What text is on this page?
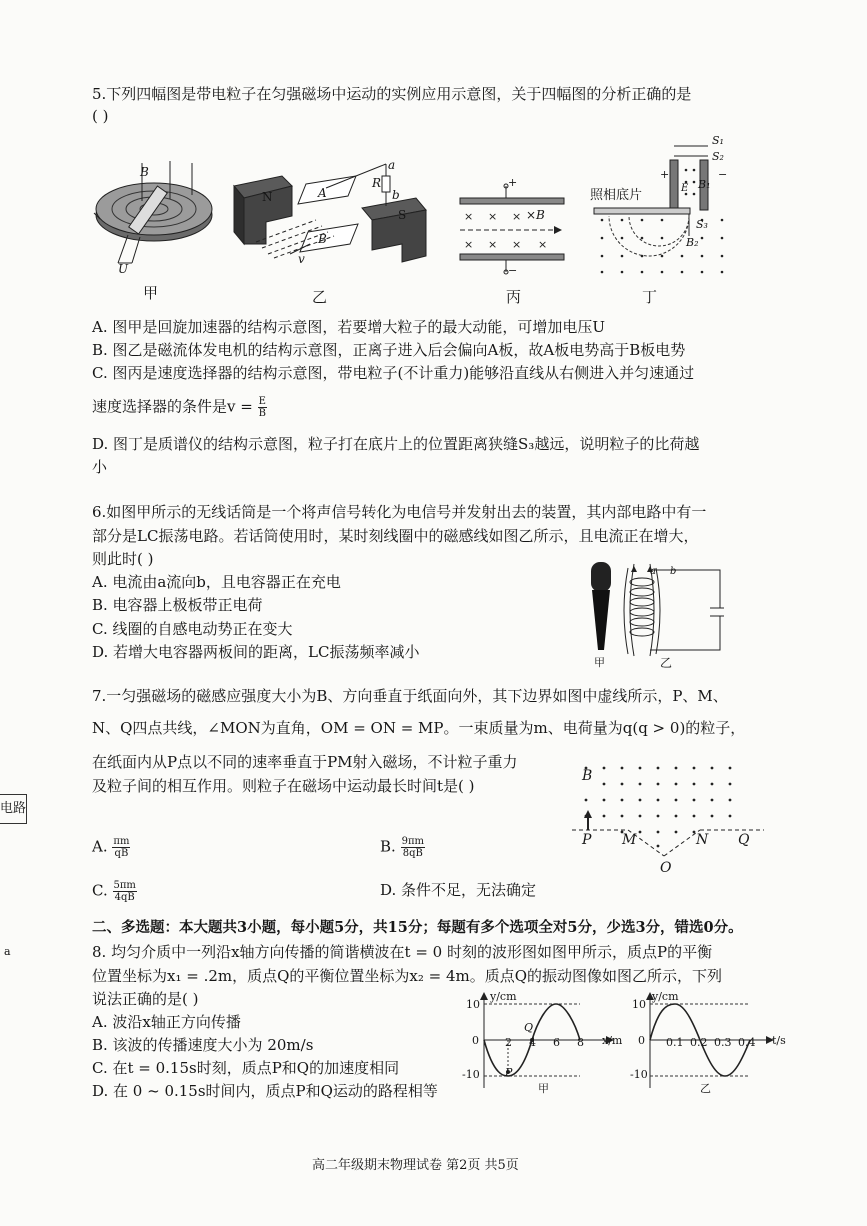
电路
a
5.下列四幅图是带电粒子在匀强磁场中运动的实例应用示意图，关于四幅图的分析正确的是
( )
B
U
甲
N
S
A
B
R
a
b
v
乙
× × ×
× × × ×
+
−
×B
丙
照相底片
S₁
S₂
S₃
B₁
B₂
+	−
E
丁
A. 图甲是回旋加速器的结构示意图，若要增大粒子的最大动能，可增加电压U
B. 图乙是磁流体发电机的结构示意图，正离子进入后会偏向A板，故A板电势高于B板电势
C. 图丙是速度选择器的结构示意图，带电粒子(不计重力)能够沿直线从右侧进入并匀速通过
速度选择器的条件是$v = \frac{E}{B}$
D. 图丁是质谱仪的结构示意图，粒子打在底片上的位置距离狭缝S₃越远，说明粒子的比荷越
小
6.如图甲所示的无线话筒是一个将声信号转化为电信号并发射出去的装置，其内部电路中有一
部分是LC振荡电路。若话筒使用时，某时刻线圈中的磁感线如图乙所示，且电流正在增大，
则此时( )
A. 电流由a流向b，且电容器正在充电
B. 电容器上极板带正电荷
C. 线圈的自感电动势正在变大
D. 若增大电容器两板间的距离，LC振荡频率减小
a b
甲	乙
7.一匀强磁场的磁感应强度大小为B、方向垂直于纸面向外，其下边界如图中虚线所示，P、M、
N、Q四点共线，∠MON为直角，OM = ON = MP。一束质量为m、电荷量为q(q > 0)的粒子，
在纸面内从P点以不同的速率垂直于PM射入磁场，不计粒子重力
及粒子间的相互作用。则粒子在磁场中运动最长时间t是( )
A. $\frac{\pi m}{qB}$	B. $\frac{9\pi m}{8qB}$
C. $\frac{5\pi m}{4qB}$	D. 条件不足，无法确定
B
P M	N Q
O
二、多选题：本大题共3小题，每小题5分，共15分；每题有多个选项全对5分，少选3分，错选0分。
8. 均匀介质中一列沿x轴方向传播的简谐横波在t = 0 时刻的波形图如图甲所示，质点P的平衡
位置坐标为x₁ = .2m，质点Q的平衡位置坐标为x₂ = 4m。质点Q的振动图像如图乙所示，下列
说法正确的是( )
A. 波沿x轴正方向传播
B. 该波的传播速度大小为 20m/s
C. 在t = 0.15s时刻，质点P和Q的加速度相同
D. 在 0 ~ 0.15s时间内，质点P和Q运动的路程相等
y/cm
x/m
10
0
-10
2 4 6 8
P
Q
甲
y/cm
t/s
10
0
-10
0.1 0.2 0.3 0.4
乙
高二年级期末物理试卷 第2页 共5页
